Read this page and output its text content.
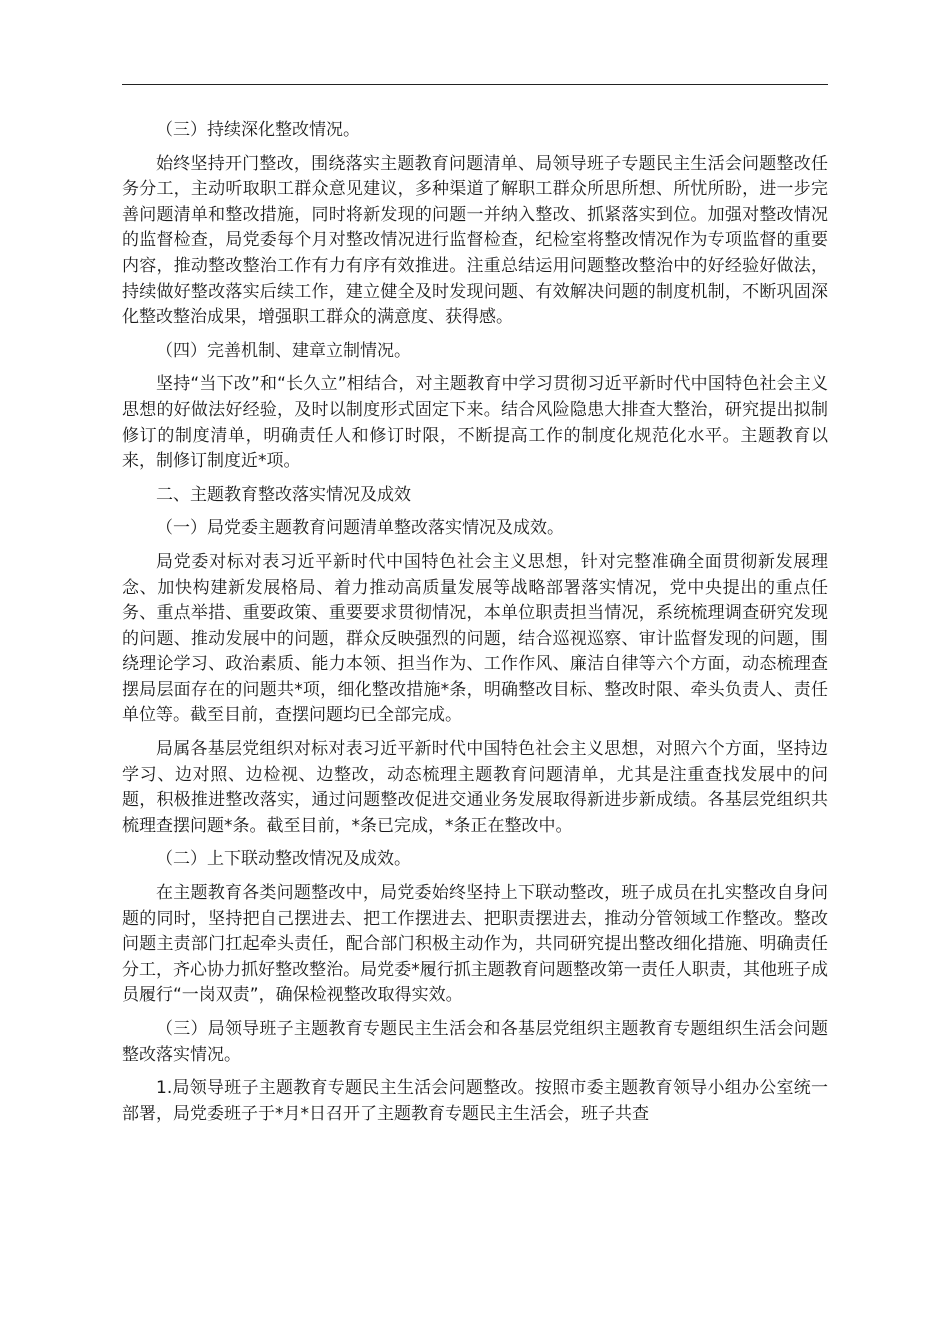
（三）持续深化整改情况。

始终坚持开门整改，围绕落实主题教育问题清单、局领导班子专题民主生活会问题整改任务分工，主动听取职工群众意见建议，多种渠道了解职工群众所思所想、所忧所盼，进一步完善问题清单和整改措施，同时将新发现的问题一并纳入整改、抓紧落实到位。加强对整改情况的监督检查，局党委每个月对整改情况进行监督检查，纪检室将整改情况作为专项监督的重要内容，推动整改整治工作有力有序有效推进。注重总结运用问题整改整治中的好经验好做法，持续做好整改落实后续工作，建立健全及时发现问题、有效解决问题的制度机制，不断巩固深化整改整治成果，增强职工群众的满意度、获得感。

（四）完善机制、建章立制情况。

坚持“当下改”和“长久立”相结合，对主题教育中学习贯彻习近平新时代中国特色社会主义思想的好做法好经验，及时以制度形式固定下来。结合风险隐患大排查大整治，研究提出拟制修订的制度清单，明确责任人和修订时限，不断提高工作的制度化规范化水平。主题教育以来，制修订制度近*项。

二、主题教育整改落实情况及成效

（一）局党委主题教育问题清单整改落实情况及成效。

局党委对标对表习近平新时代中国特色社会主义思想，针对完整准确全面贯彻新发展理念、加快构建新发展格局、着力推动高质量发展等战略部署落实情况，党中央提出的重点任务、重点举措、重要政策、重要要求贯彻情况，本单位职责担当情况，系统梳理调查研究发现的问题、推动发展中的问题，群众反映强烈的问题，结合巡视巡察、审计监督发现的问题，围绕理论学习、政治素质、能力本领、担当作为、工作作风、廉洁自律等六个方面，动态梳理查摆局层面存在的问题共*项，细化整改措施*条，明确整改目标、整改时限、牵头负责人、责任单位等。截至目前，查摆问题均已全部完成。

局属各基层党组织对标对表习近平新时代中国特色社会主义思想，对照六个方面，坚持边学习、边对照、边检视、边整改，动态梳理主题教育问题清单，尤其是注重查找发展中的问题，积极推进整改落实，通过问题整改促进交通业务发展取得新进步新成绩。各基层党组织共梳理查摆问题*条。截至目前，*条已完成，*条正在整改中。

（二）上下联动整改情况及成效。

在主题教育各类问题整改中，局党委始终坚持上下联动整改，班子成员在扎实整改自身问题的同时，坚持把自己摆进去、把工作摆进去、把职责摆进去，推动分管领域工作整改。整改问题主责部门扛起牵头责任，配合部门积极主动作为，共同研究提出整改细化措施、明确责任分工，齐心协力抓好整改整治。局党委*履行抓主题教育问题整改第一责任人职责，其他班子成员履行“一岗双责”，确保检视整改取得实效。

（三）局领导班子主题教育专题民主生活会和各基层党组织主题教育专题组织生活会问题整改落实情况。

1.局领导班子主题教育专题民主生活会问题整改。按照市委主题教育领导小组办公室统一部署，局党委班子于*月*日召开了主题教育专题民主生活会，班子共查
